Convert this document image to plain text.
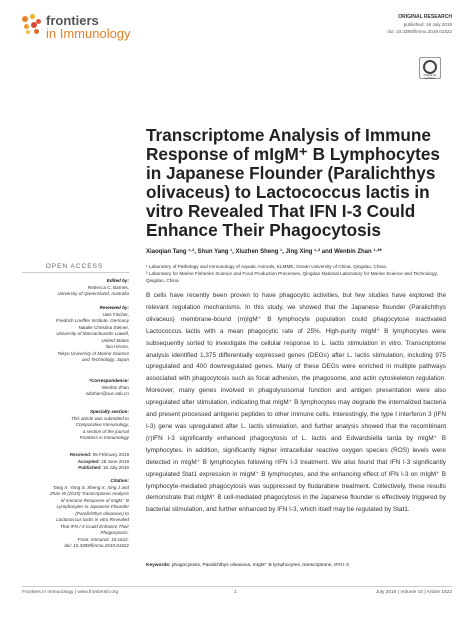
frontiers
in Immunology
ORIGINAL RESEARCH
published: 16 July 2019
doi: 10.3389/fimmu.2019.01622
Check for updates
Transcriptome Analysis of Immune Response of mIgM⁺ B Lymphocytes in Japanese Flounder (Paralichthys olivaceus) to Lactococcus lactis in vitro Revealed That IFN I-3 Could Enhance Their Phagocytosis
Xiaoqian Tang ¹·², Shun Yang ¹, Xiuzhen Sheng ¹, Jing Xing ¹·² and Wenbin Zhan ¹·²*

¹ Laboratory of Pathology and Immunology of Aquatic Animals, KLMME, Ocean University of China, Qingdao, China,

² Laboratory for Marine Fisheries Science and Food Production Processes, Qingdao National Laboratory for Marine Science and Technology, Qingdao, China

OPEN ACCESS

Edited by:

Rebecca C. Barnes,

University of Queensland, Australia

Reviewed by:

Uwe Fischer,

Friedrich Loeffler Institute, Germany

Natalie Christina Steiner,

University of Massachusetts Lowell,

United States

Iluo Hirono,

Tokyo University of Marine Science

and Technology, Japan

*Correspondence:

Wenbin Zhan

wbzhan@ouc.edu.cn

Specialty section:

This article was submitted to

Comparative Immunology,

a section of the journal

Frontiers in Immunology

Received: 05 February 2019

Accepted: 28 June 2019

Published: 16 July 2019

Citation:

Tang X, Yang S, Sheng X, Xing J and

Zhan W (2019) Transcriptome Analysis

of Immune Response of mIgM⁺ B

Lymphocytes in Japanese Flounder

(Paralichthys olivaceus) to

Lactococcus lactis in vitro Revealed

That IFN I-3 Could Enhance Their

Phagocytosis.

Front. Immunol. 10:1622.

doi: 10.3389/fimmu.2019.01622

B cells have recently been proven to have phagocytic activities, but few studies have explored the relevant regulation mechanisms. In this study, we showed that the Japanese flounder (Paralichthys olivaceus) membrane-bound (m)IgM⁺ B lymphocyte population could phagocytose inactivated Lactococcus lactis with a mean phagocytic rate of 25%. High-purity mIgM⁺ B lymphocytes were subsequently sorted to investigate the cellular response to L. lactis stimulation in vitro. Transcriptome analysis identified 1,375 differentially expressed genes (DEGs) after L. lactis stimulation, including 975 upregulated and 400 downregulated genes. Many of these DEGs were enriched in multiple pathways associated with phagocytosis such as focal adhesion, the phagosome, and actin cytoskeleton regulation. Moreover, many genes involved in phagolysosomal function and antigen presentation were also upregulated after stimulation, indicating that mIgM⁺ B lymphocytes may degrade the internalized bacteria and present processed antigenic peptides to other immune cells. Interestingly, the type I interferon 3 (IFN I-3) gene was upregulated after L. lactis stimulation, and further analysis showed that the recombinant (r)IFN I-3 significantly enhanced phagocytosis of L. lactis and Edwardsiella tarda by mIgM⁺ B lymphocytes. In addition, significantly higher intracellular reactive oxygen species (ROS) levels were detected in mIgM⁺ B lymphocytes following rIFN I-3 treatment. We also found that IFN I-3 significantly upregulated Stat1 expression in mIgM⁺ B lymphocytes, and the enhancing effect of IFN I-3 on mIgM⁺ B lymphocyte-mediated phagocytosis was suppressed by fludarabine treatment. Collectively, these results demonstrate that mIgM⁺ B cell-mediated phagocytosis in the Japanese flounder is effectively triggered by bacterial stimulation, and further enhanced by IFN I-3, which itself may be regulated by Stat1.

Keywords: phagocytosis, Paralichthys olivaceus, mIgM⁺ B lymphocytes, transcriptome, IFN I-3
Frontiers in Immunology | www.frontiersin.org	1	July 2019 | Volume 10 | Article 1622
